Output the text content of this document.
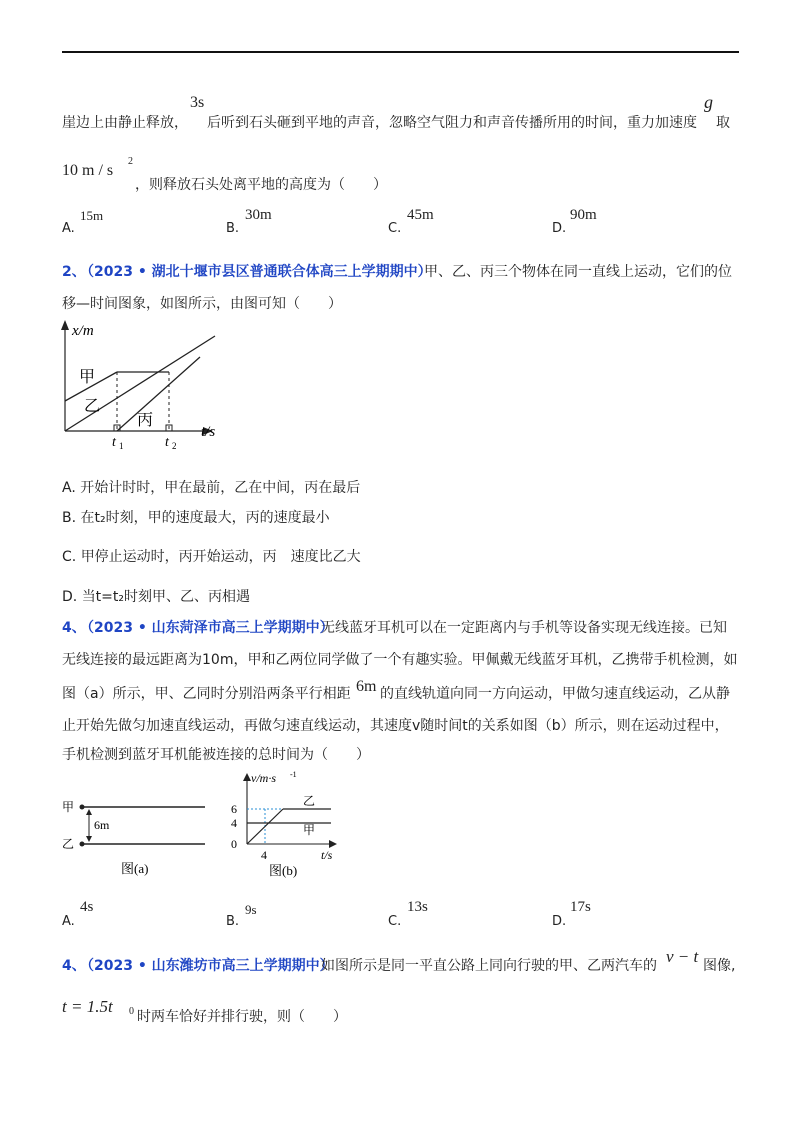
崖边上由静止释放，
3s
后听到石头砸到平地的声音，忽略空气阻力和声音传播所用的时间，重力加速度
g
取
10 m / s
2
，则释放石头处离平地的高度为（　　）
A.
15m
B.
30m
C.
45m
D.
90m
2、
（2023 • 湖北十堰市县区普通联合体高三上学期期中）
甲、乙、丙三个物体在同一直线上运动，它们的位
移—时间图象，如图所示，由图可知（　　）
x/m
t/s
甲
乙
丙
t 1	t 2
A. 开始计时时，甲在最前，乙在中间，丙在最后
B. 在t₂时刻，甲的速度最大，丙的速度最小
C. 甲停止运动时，丙开始运动，丙　速度比乙大
D. 当t=t₂时刻甲、乙、丙相遇
4、
（2023 • 山东菏泽市高三上学期期中）
无线蓝牙耳机可以在一定距离内与手机等设备实现无线连接。已知
无线连接的最远距离为10m，甲和乙两位同学做了一个有趣实验。甲佩戴无线蓝牙耳机，乙携带手机检测，如
图（a）所示，甲、乙同时分别沿两条平行相距 6m 的直线轨道向同一方向运动，甲做匀速直线运动，乙从静
止开始先做匀加速直线运动，再做匀速直线运动，其速度v随时间t的关系如图（b）所示，则在运动过程中，
手机检测到蓝牙耳机能被连接的总时间为（　　）
甲
乙
6m
图(a)
v/m·s -1
6
4
0
4	t/s
乙
甲
图(b)
A.
4s
B.
9s
C.
13s
D.
17s
4、
（2023 • 山东潍坊市高三上学期期中）
如图所示是同一平直公路上同向行驶的甲、乙两汽车的 v − t 图像,
t = 1.5t 0 时两车恰好并排行驶，则（　　）
